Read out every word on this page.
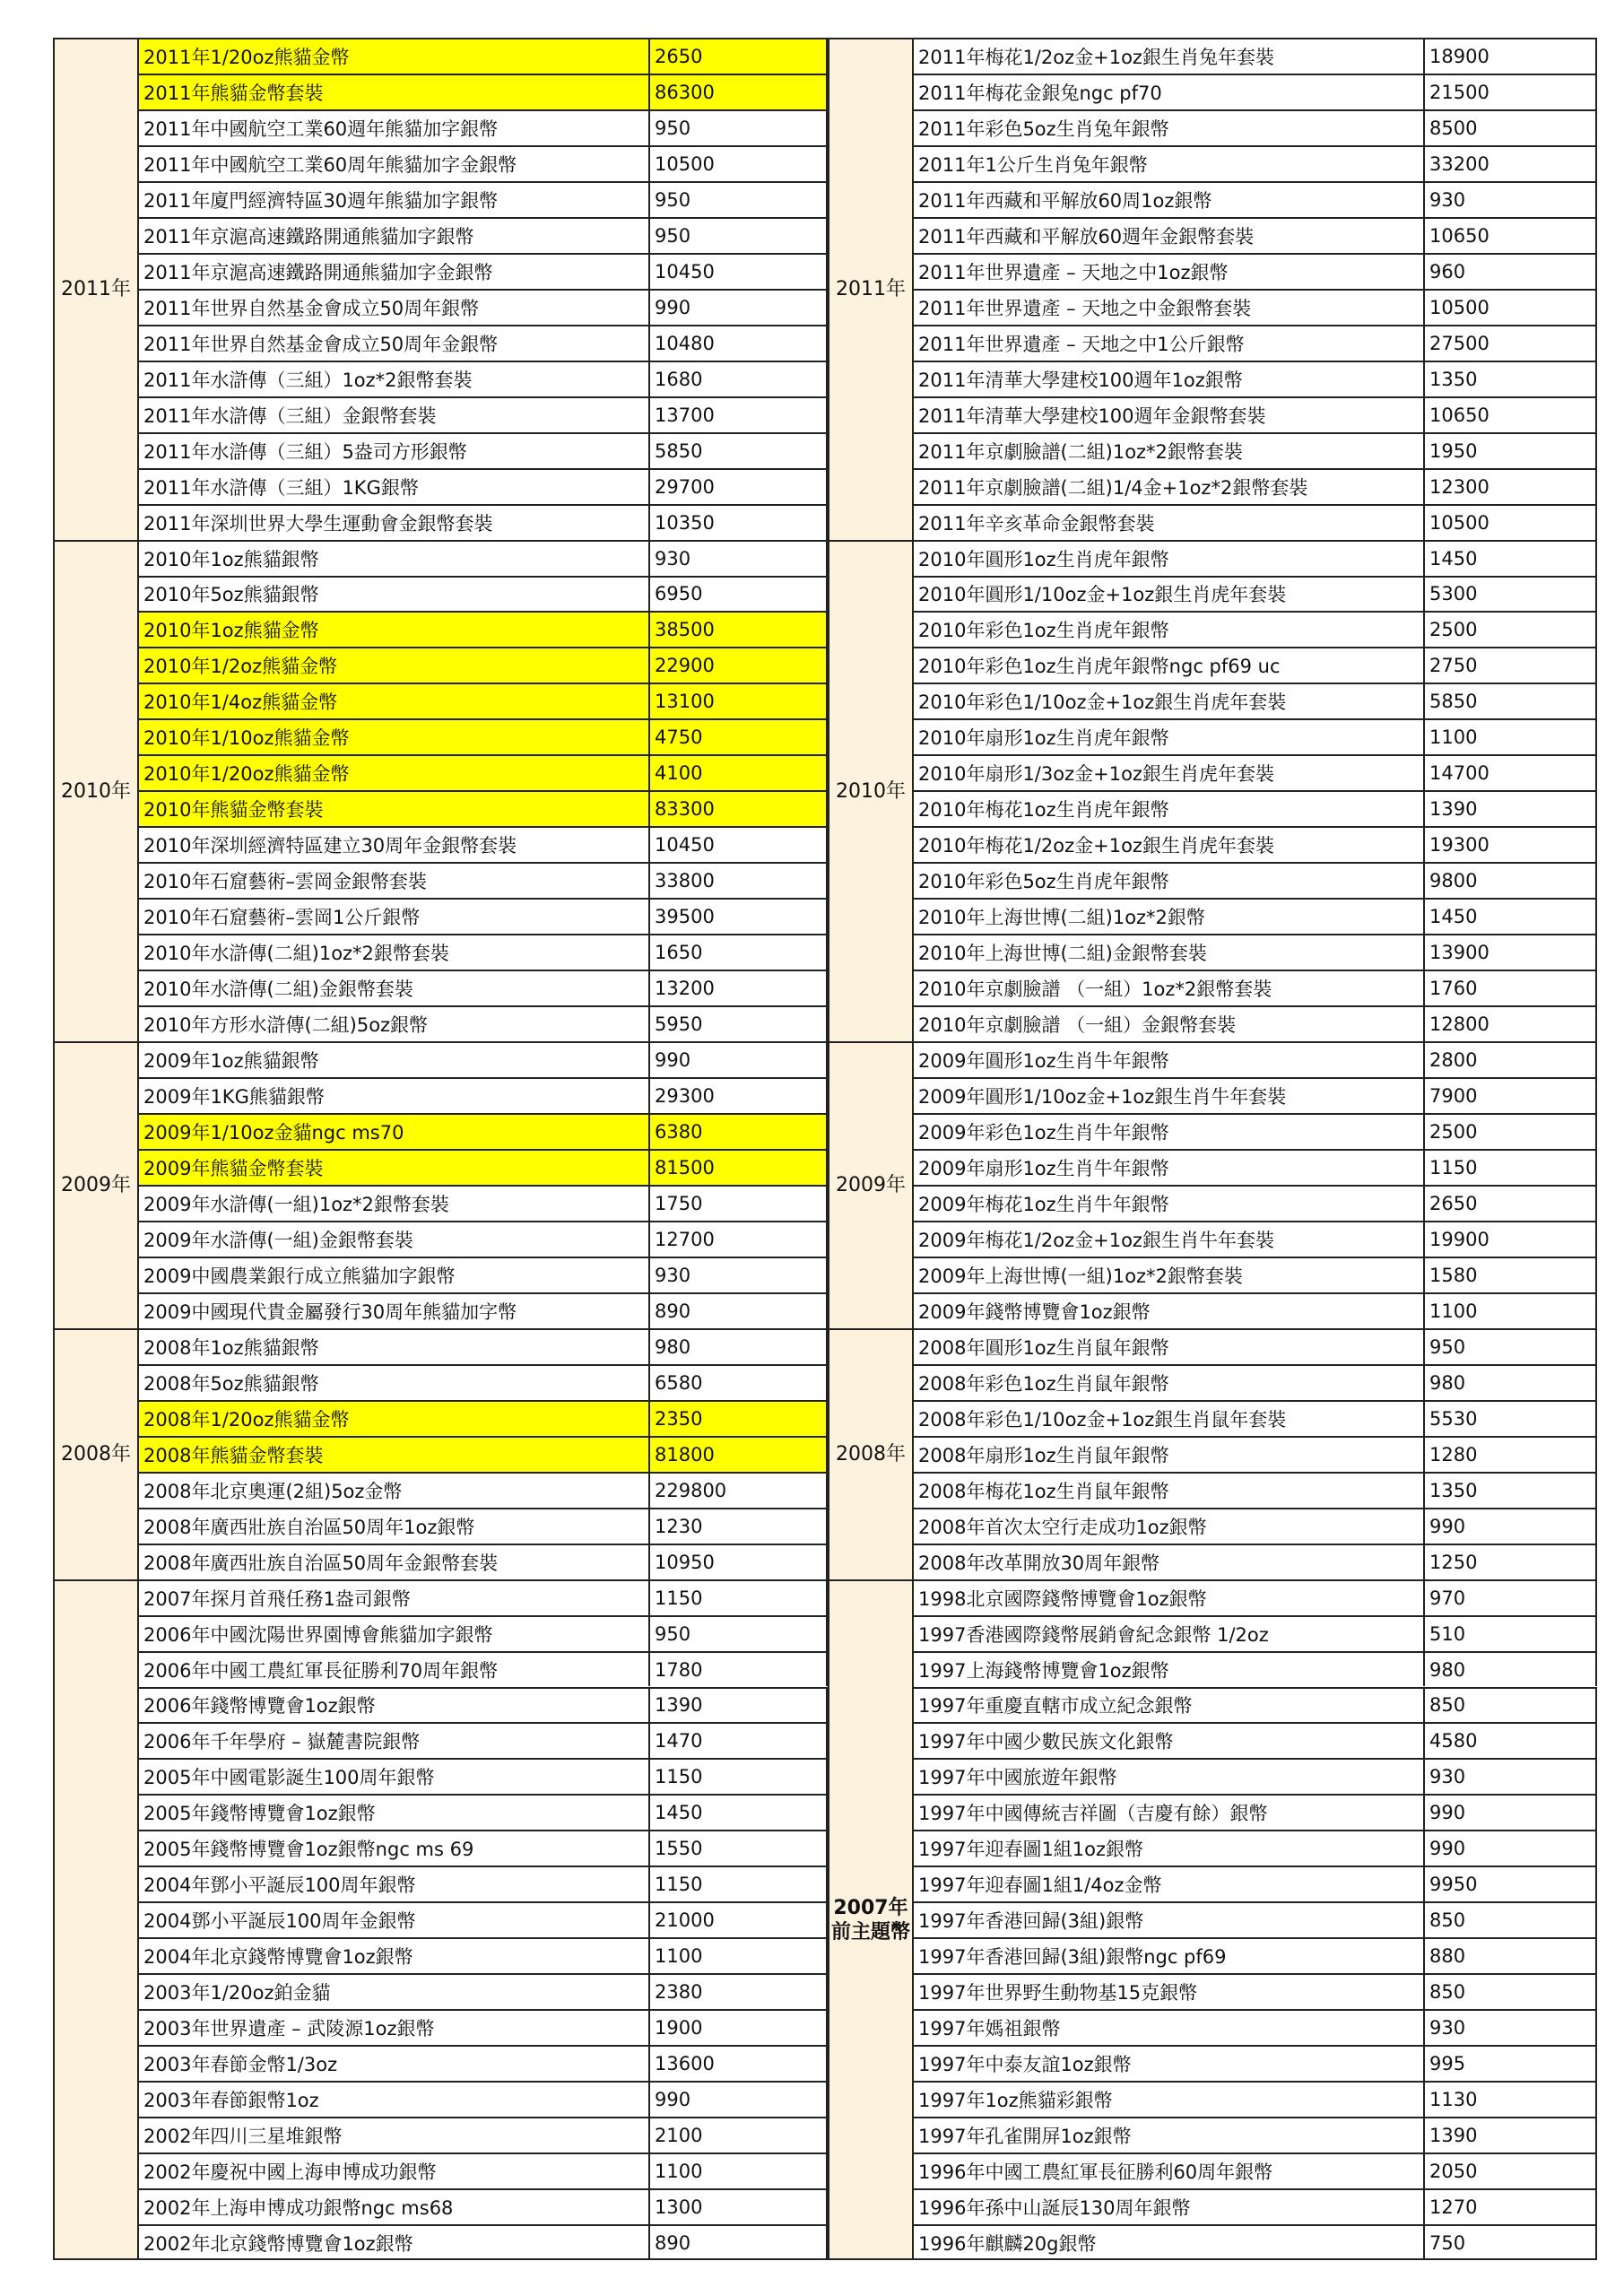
2011年
2011年1/20oz熊貓金幣	2650
2011年熊貓金幣套裝	86300
2011年中國航空工業60週年熊貓加字銀幣	950
2011年中國航空工業60周年熊貓加字金銀幣	10500
2011年廈門經濟特區30週年熊貓加字銀幣	950
2011年京滬高速鐵路開通熊貓加字銀幣	950
2011年京滬高速鐵路開通熊貓加字金銀幣	10450
2011年世界自然基金會成立50周年銀幣	990
2011年世界自然基金會成立50周年金銀幣	10480
2011年水滸傳（三組）1oz*2銀幣套裝	1680
2011年水滸傳（三組）金銀幣套裝	13700
2011年水滸傳（三組）5盎司方形銀幣	5850
2011年水滸傳（三組）1KG銀幣	29700
2011年深圳世界大學生運動會金銀幣套裝	10350
2010年
2010年1oz熊貓銀幣	930
2010年5oz熊貓銀幣	6950
2010年1oz熊貓金幣	38500
2010年1/2oz熊貓金幣	22900
2010年1/4oz熊貓金幣	13100
2010年1/10oz熊貓金幣	4750
2010年1/20oz熊貓金幣	4100
2010年熊貓金幣套裝	83300
2010年深圳經濟特區建立30周年金銀幣套裝	10450
2010年石窟藝術–雲岡金銀幣套裝	33800
2010年石窟藝術–雲岡1公斤銀幣	39500
2010年水滸傳(二組)1oz*2銀幣套裝	1650
2010年水滸傳(二組)金銀幣套裝	13200
2010年方形水滸傳(二組)5oz銀幣	5950
2009年
2009年1oz熊貓銀幣	990
2009年1KG熊貓銀幣	29300
2009年1/10oz金貓ngc ms70	6380
2009年熊貓金幣套裝	81500
2009年水滸傳(一組)1oz*2銀幣套裝	1750
2009年水滸傳(一組)金銀幣套裝	12700
2009中國農業銀行成立熊貓加字銀幣	930
2009中國現代貴金屬發行30周年熊貓加字幣	890
2008年
2008年1oz熊貓銀幣	980
2008年5oz熊貓銀幣	6580
2008年1/20oz熊貓金幣	2350
2008年熊貓金幣套裝	81800
2008年北京奧運(2組)5oz金幣	229800
2008年廣西壯族自治區50周年1oz銀幣	1230
2008年廣西壯族自治區50周年金銀幣套裝	10950
2007年探月首飛任務1盎司銀幣	1150
2006年中國沈陽世界園博會熊貓加字銀幣	950
2006年中國工農紅軍長征勝利70周年銀幣	1780
2006年錢幣博覽會1oz銀幣	1390
2006年千年學府 – 嶽麓書院銀幣	1470
2005年中國電影誕生100周年銀幣	1150
2005年錢幣博覽會1oz銀幣	1450
2005年錢幣博覽會1oz銀幣ngc ms 69	1550
2004年鄧小平誕辰100周年銀幣	1150
2004鄧小平誕辰100周年金銀幣	21000
2004年北京錢幣博覽會1oz銀幣	1100
2003年1/20oz鉑金貓	2380
2003年世界遺產 – 武陵源1oz銀幣	1900
2003年春節金幣1/3oz	13600
2003年春節銀幣1oz	990
2002年四川三星堆銀幣	2100
2002年慶祝中國上海申博成功銀幣	1100
2002年上海申博成功銀幣ngc ms68	1300
2002年北京錢幣博覽會1oz銀幣	890
2011年
2011年梅花1/2oz金+1oz銀生肖兔年套裝	18900
2011年梅花金銀兔ngc pf70	21500
2011年彩色5oz生肖兔年銀幣	8500
2011年1公斤生肖兔年銀幣	33200
2011年西藏和平解放60周1oz銀幣	930
2011年西藏和平解放60週年金銀幣套裝	10650
2011年世界遺產 – 天地之中1oz銀幣	960
2011年世界遺產 – 天地之中金銀幣套裝	10500
2011年世界遺產 – 天地之中1公斤銀幣	27500
2011年清華大學建校100週年1oz銀幣	1350
2011年清華大學建校100週年金銀幣套裝	10650
2011年京劇臉譜(二組)1oz*2銀幣套裝	1950
2011年京劇臉譜(二組)1/4金+1oz*2銀幣套裝	12300
2011年辛亥革命金銀幣套裝	10500
2010年
2010年圓形1oz生肖虎年銀幣	1450
2010年圓形1/10oz金+1oz銀生肖虎年套裝	5300
2010年彩色1oz生肖虎年銀幣	2500
2010年彩色1oz生肖虎年銀幣ngc pf69 uc	2750
2010年彩色1/10oz金+1oz銀生肖虎年套裝	5850
2010年扇形1oz生肖虎年銀幣	1100
2010年扇形1/3oz金+1oz銀生肖虎年套裝	14700
2010年梅花1oz生肖虎年銀幣	1390
2010年梅花1/2oz金+1oz銀生肖虎年套裝	19300
2010年彩色5oz生肖虎年銀幣	9800
2010年上海世博(二組)1oz*2銀幣	1450
2010年上海世博(二組)金銀幣套裝	13900
2010年京劇臉譜 （一組）1oz*2銀幣套裝	1760
2010年京劇臉譜 （一組）金銀幣套裝	12800
2009年
2009年圓形1oz生肖牛年銀幣	2800
2009年圓形1/10oz金+1oz銀生肖牛年套裝	7900
2009年彩色1oz生肖牛年銀幣	2500
2009年扇形1oz生肖牛年銀幣	1150
2009年梅花1oz生肖牛年銀幣	2650
2009年梅花1/2oz金+1oz銀生肖牛年套裝	19900
2009年上海世博(一組)1oz*2銀幣套裝	1580
2009年錢幣博覽會1oz銀幣	1100
2008年
2008年圓形1oz生肖鼠年銀幣	950
2008年彩色1oz生肖鼠年銀幣	980
2008年彩色1/10oz金+1oz銀生肖鼠年套裝	5530
2008年扇形1oz生肖鼠年銀幣	1280
2008年梅花1oz生肖鼠年銀幣	1350
2008年首次太空行走成功1oz銀幣	990
2008年改革開放30周年銀幣	1250
2007年
前主題幣
1998北京國際錢幣博覽會1oz銀幣	970
1997香港國際錢幣展銷會紀念銀幣 1/2oz	510
1997上海錢幣博覽會1oz銀幣	980
1997年重慶直轄市成立紀念銀幣	850
1997年中國少數民族文化銀幣	4580
1997年中國旅遊年銀幣	930
1997年中國傳統吉祥圖（吉慶有餘）銀幣	990
1997年迎春圖1組1oz銀幣	990
1997年迎春圖1組1/4oz金幣	9950
1997年香港回歸(3組)銀幣	850
1997年香港回歸(3組)銀幣ngc pf69	880
1997年世界野生動物基15克銀幣	850
1997年媽祖銀幣	930
1997年中泰友誼1oz銀幣	995
1997年1oz熊貓彩銀幣	1130
1997年孔雀開屏1oz銀幣	1390
1996年中國工農紅軍長征勝利60周年銀幣	2050
1996年孫中山誕辰130周年銀幣	1270
1996年麒麟20g銀幣	750
